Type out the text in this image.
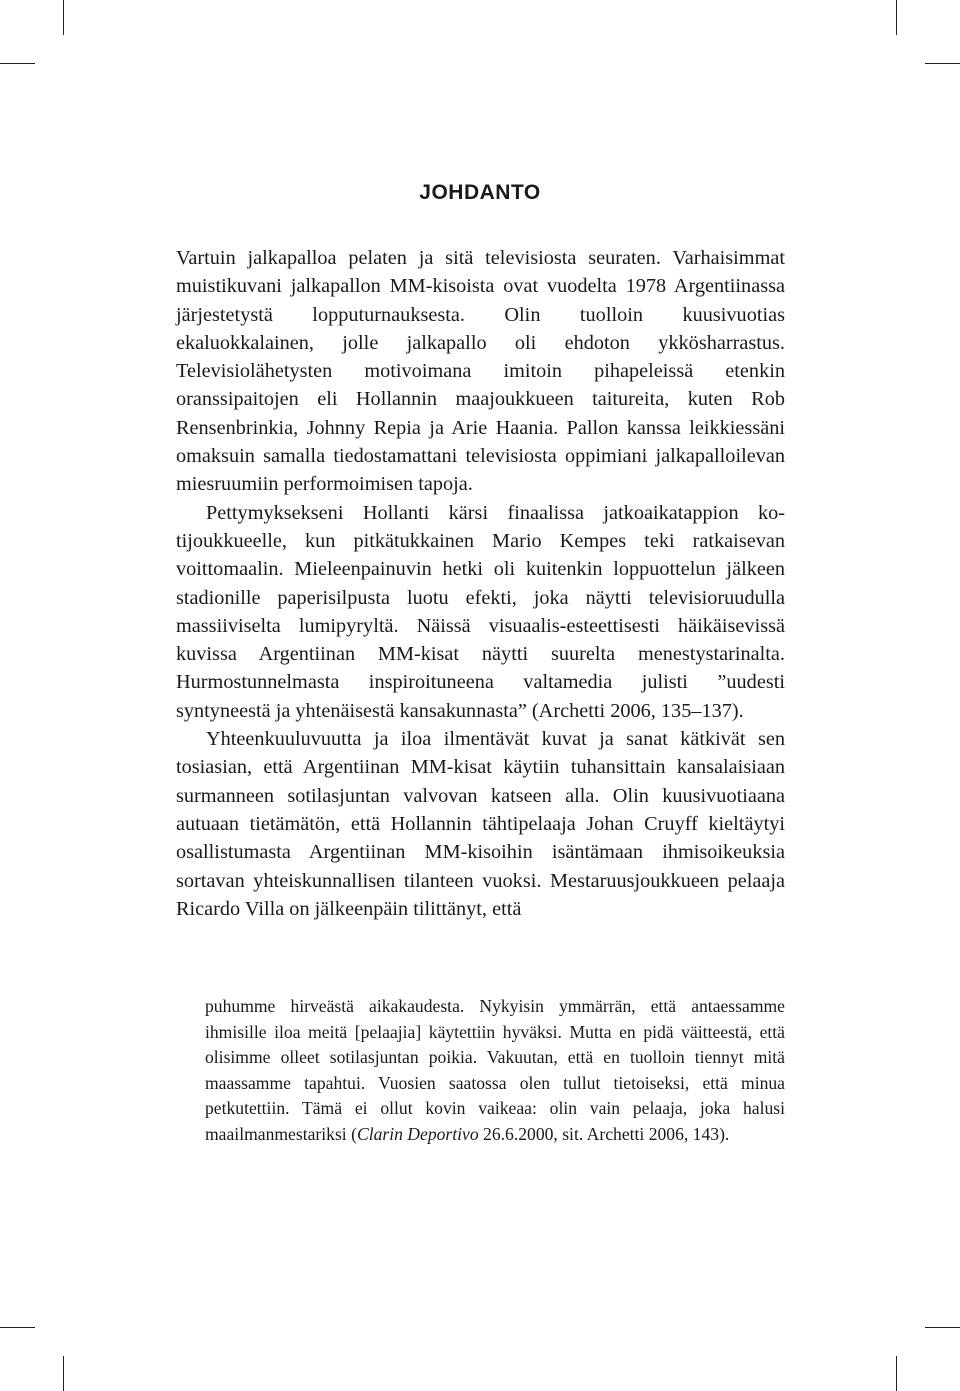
JOHDANTO

Vartuin jalkapalloa pelaten ja sitä televisiosta seuraten. Varhaisimmat muistikuvani jalkapallon MM-kisoista ovat vuodelta 1978 Argentiinassa järjestetystä lopputurnauksesta. Olin tuolloin kuusivuotias ekaluokkalainen, jolle jalkapallo oli ehdoton ykkösharrastus. Televisiolähetysten motivoimana imitoin pihapeleissä etenkin oranssipaitojen eli Hollannin maajoukkueen taitureita, kuten Rob Rensenbrinkia, Johnny Repia ja Arie Haania. Pallon kanssa leikkiessäni omaksuin samalla tiedostamattani televisiosta oppimiani jalkapalloilevan miesruumiin performoimisen tapoja.

Pettymyksekseni Hollanti kärsi finaalissa jatkoaikatappion kotijoukkueelle, kun pitkätukkainen Mario Kempes teki ratkaisevan voittomaalin. Mieleenpainuvin hetki oli kuitenkin loppuottelun jälkeen stadionille paperisilpusta luotu efekti, joka näytti televisioruudulla massiiviselta lumipyryltä. Näissä visuaalis-esteettisesti häikäisevissä kuvissa Argentiinan MM-kisat näytti suurelta menestystarinalta. Hurmostunnelmasta inspiroituneena valtamedia julisti ”uudesti syntyneestä ja yhtenäisestä kansakunnasta” (Archetti 2006, 135–137).

Yhteenkuuluvuutta ja iloa ilmentävät kuvat ja sanat kätkivät sen tosiasian, että Argentiinan MM-kisat käytiin tuhansittain kansalaisiaan surmanneen sotilasjuntan valvovan katseen alla. Olin kuusivuotiaana autuaan tietämätön, että Hollannin tähtipelaaja Johan Cruyff kieltäytyi osallistumasta Argentiinan MM-kisoihin isäntämaan ihmisoikeuksia sortavan yhteiskunnallisen tilanteen vuoksi. Mestaruusjoukkueen pelaaja Ricardo Villa on jälkeenpäin tilittänyt, että

puhumme hirveästä aikakaudesta. Nykyisin ymmärrän, että antaessamme ihmisille iloa meitä [pelaajia] käytettiin hyväksi. Mutta en pidä väitteestä, että olisimme olleet sotilasjuntan poikia. Vakuutan, että en tuolloin tiennyt mitä maassamme tapahtui. Vuosien saatossa olen tullut tietoiseksi, että minua petkutettiin. Tämä ei ollut kovin vaikeaa: olin vain pelaaja, joka halusi maailmanmestariksi (Clarin Deportivo 26.6.2000, sit. Archetti 2006, 143).
